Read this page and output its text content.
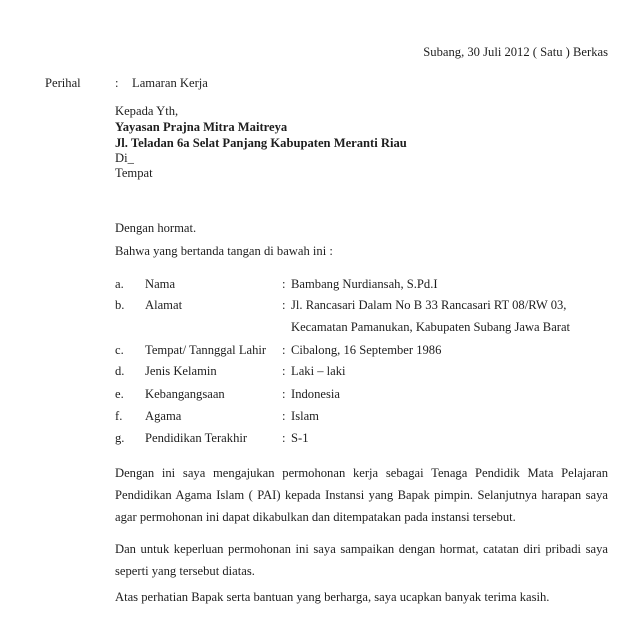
Subang, 30 Juli 2012 ( Satu ) Berkas
Perihal	: Lamaran Kerja
Kepada Yth,
Yayasan Prajna Mitra Maitreya
Jl. Teladan 6a Selat Panjang Kabupaten Meranti Riau
Di_
Tempat
Dengan hormat.
Bahwa yang bertanda tangan di bawah ini :
a. Nama	: Bambang Nurdiansah, S.Pd.I
b. Alamat	: Jl. Rancasari Dalam No B 33 Rancasari RT 08/RW 03,
Kecamatan Pamanukan, Kabupaten Subang Jawa Barat
c. Tempat/ Tannggal Lahir : Cibalong, 16 September 1986
d. Jenis Kelamin	: Laki – laki
e. Kebangangsaan	: Indonesia
f. Agama	: Islam
g. Pendidikan Terakhir	: S-1
Dengan ini saya mengajukan permohonan kerja sebagai Tenaga Pendidik Mata Pelajaran
Pendidikan Agama Islam ( PAI) kepada Instansi yang Bapak pimpin. Selanjutnya harapan saya
agar permohonan ini dapat dikabulkan dan ditempatakan pada instansi tersebut.
Dan untuk keperluan permohonan ini saya sampaikan dengan hormat, catatan diri pribadi saya
seperti yang tersebut diatas.
Atas perhatian Bapak serta bantuan yang berharga, saya ucapkan banyak terima kasih.
